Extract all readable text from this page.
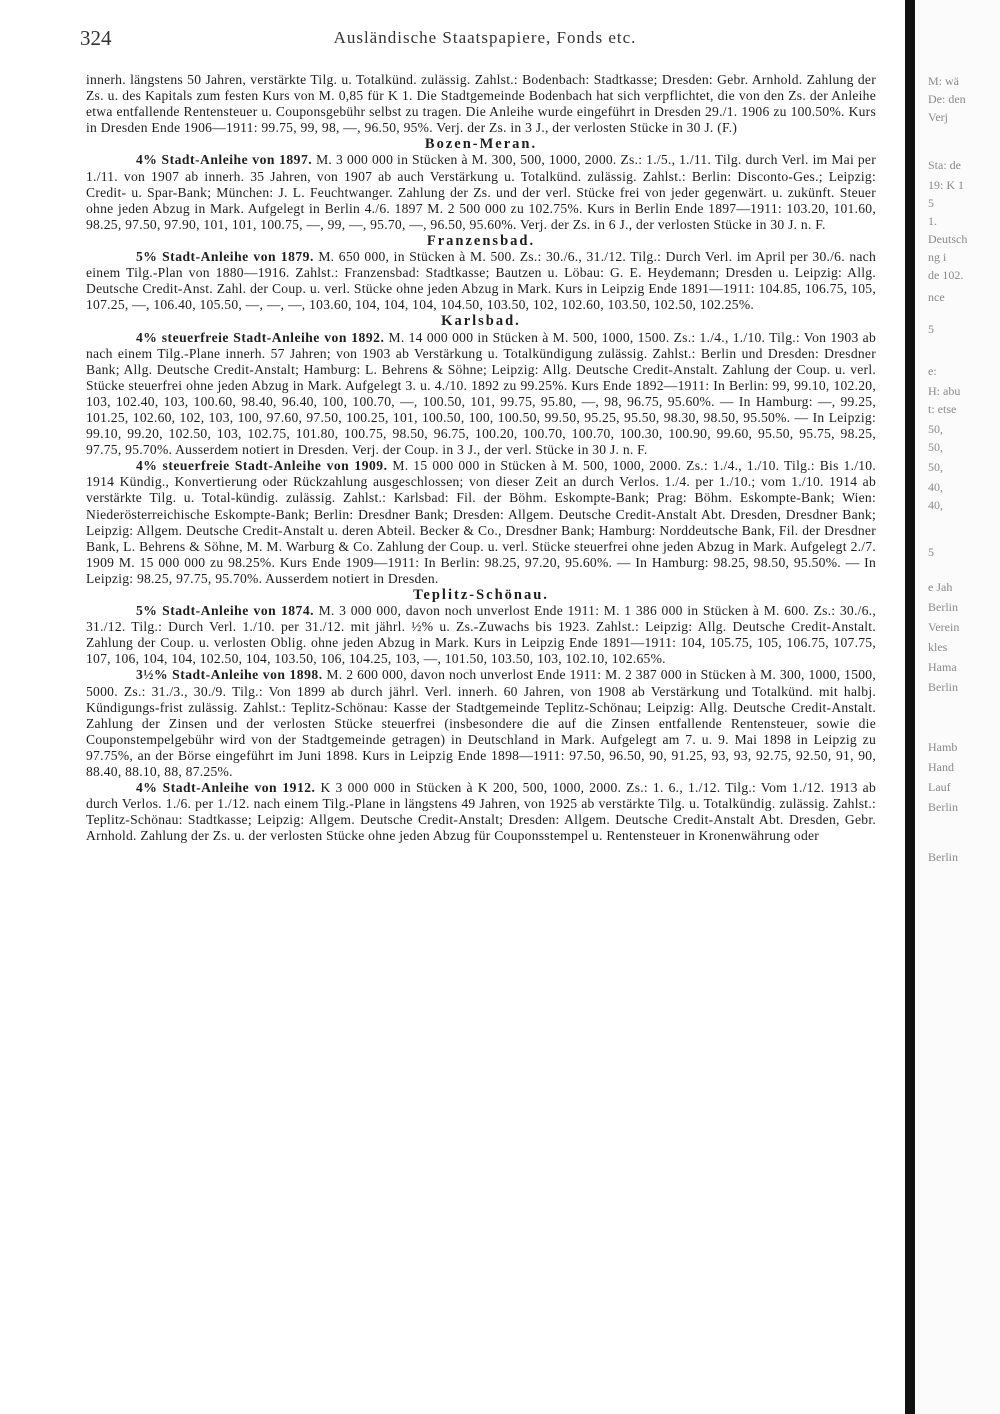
324	Ausländische Staatspapiere, Fonds etc.

innerh. längstens 50 Jahren, verstärkte Tilg. u. Totalkünd. zulässig. Zahlst.: Bodenbach: Stadtkasse; Dresden: Gebr. Arnhold. Zahlung der Zs. u. des Kapitals zum festen Kurs von M. 0,85 für K 1. Die Stadtgemeinde Bodenbach hat sich verpflichtet, die von den Zs. der Anleihe etwa entfallende Rentensteuer u. Couponsgebühr selbst zu tragen. Die Anleihe wurde eingeführt in Dresden 29./1. 1906 zu 100.50%. Kurs in Dresden Ende 1906—1911: 99.75, 99, 98, —, 96.50, 95%. Verj. der Zs. in 3 J., der verlosten Stücke in 30 J. (F.)

Bozen-Meran.

4% Stadt-Anleihe von 1897. M. 3 000 000 in Stücken à M. 300, 500, 1000, 2000. Zs.: 1./5., 1./11. Tilg. durch Verl. im Mai per 1./11. von 1907 ab innerh. 35 Jahren, von 1907 ab auch Verstärkung u. Totalkünd. zulässig. Zahlst.: Berlin: Disconto-Ges.; Leipzig: Credit- u. Spar-Bank; München: J. L. Feuchtwanger. Zahlung der Zs. und der verl. Stücke frei von jeder gegenwärt. u. zukünft. Steuer ohne jeden Abzug in Mark. Aufgelegt in Berlin 4./6. 1897 M. 2 500 000 zu 102.75%. Kurs in Berlin Ende 1897—1911: 103.20, 101.60, 98.25, 97.50, 97.90, 101, 101, 100.75, —, 99, —, 95.70, —, 96.50, 95.60%. Verj. der Zs. in 6 J., der verlosten Stücke in 30 J. n. F.

Franzensbad.

5% Stadt-Anleihe von 1879. M. 650 000, in Stücken à M. 500. Zs.: 30./6., 31./12. Tilg.: Durch Verl. im April per 30./6. nach einem Tilg.-Plan von 1880—1916. Zahlst.: Franzensbad: Stadtkasse; Bautzen u. Löbau: G. E. Heydemann; Dresden u. Leipzig: Allg. Deutsche Credit-Anst. Zahl. der Coup. u. verl. Stücke ohne jeden Abzug in Mark. Kurs in Leipzig Ende 1891—1911: 104.85, 106.75, 105, 107.25, —, 106.40, 105.50, —, —, —, 103.60, 104, 104, 104, 104.50, 103.50, 102, 102.60, 103.50, 102.50, 102.25%.

Karlsbad.

4% steuerfreie Stadt-Anleihe von 1892. M. 14 000 000 in Stücken à M. 500, 1000, 1500. Zs.: 1./4., 1./10. Tilg.: Von 1903 ab nach einem Tilg.-Plane innerh. 57 Jahren; von 1903 ab Verstärkung u. Totalkündigung zulässig. Zahlst.: Berlin und Dresden: Dresdner Bank; Allg. Deutsche Credit-Anstalt; Hamburg: L. Behrens & Söhne; Leipzig: Allg. Deutsche Credit-Anstalt. Zahlung der Coup. u. verl. Stücke steuerfrei ohne jeden Abzug in Mark. Aufgelegt 3. u. 4./10. 1892 zu 99.25%. Kurs Ende 1892—1911: In Berlin: 99, 99.10, 102.20, 103, 102.40, 103, 100.60, 98.40, 96.40, 100, 100.70, —, 100.50, 101, 99.75, 95.80, —, 98, 96.75, 95.60%. — In Hamburg: —, 99.25, 101.25, 102.60, 102, 103, 100, 97.60, 97.50, 100.25, 101, 100.50, 100, 100.50, 99.50, 95.25, 95.50, 98.30, 98.50, 95.50%. — In Leipzig: 99.10, 99.20, 102.50, 103, 102.75, 101.80, 100.75, 98.50, 96.75, 100.20, 100.70, 100.70, 100.30, 100.90, 99.60, 95.50, 95.75, 98.25, 97.75, 95.70%. Ausserdem notiert in Dresden. Verj. der Coup. in 3 J., der verl. Stücke in 30 J. n. F.

4% steuerfreie Stadt-Anleihe von 1909. M. 15 000 000 in Stücken à M. 500, 1000, 2000. Zs.: 1./4., 1./10. Tilg.: Bis 1./10. 1914 Kündig., Konvertierung oder Rückzahlung ausgeschlossen; von dieser Zeit an durch Verlos. 1./4. per 1./10.; vom 1./10. 1914 ab verstärkte Tilg. u. Total-kündig. zulässig. Zahlst.: Karlsbad: Fil. der Böhm. Eskompte-Bank; Prag: Böhm. Eskompte-Bank; Wien: Niederösterreichische Eskompte-Bank; Berlin: Dresdner Bank; Dresden: Allgem. Deutsche Credit-Anstalt Abt. Dresden, Dresdner Bank; Leipzig: Allgem. Deutsche Credit-Anstalt u. deren Abteil. Becker & Co., Dresdner Bank; Hamburg: Norddeutsche Bank, Fil. der Dresdner Bank, L. Behrens & Söhne, M. M. Warburg & Co. Zahlung der Coup. u. verl. Stücke steuerfrei ohne jeden Abzug in Mark. Aufgelegt 2./7. 1909 M. 15 000 000 zu 98.25%. Kurs Ende 1909—1911: In Berlin: 98.25, 97.20, 95.60%. — In Hamburg: 98.25, 98.50, 95.50%. — In Leipzig: 98.25, 97.75, 95.70%. Ausserdem notiert in Dresden.

Teplitz-Schönau.

5% Stadt-Anleihe von 1874. M. 3 000 000, davon noch unverlost Ende 1911: M. 1 386 000 in Stücken à M. 600. Zs.: 30./6., 31./12. Tilg.: Durch Verl. 1./10. per 31./12. mit jährl. ½% u. Zs.-Zuwachs bis 1923. Zahlst.: Leipzig: Allg. Deutsche Credit-Anstalt. Zahlung der Coup. u. verlosten Oblig. ohne jeden Abzug in Mark. Kurs in Leipzig Ende 1891—1911: 104, 105.75, 105, 106.75, 107.75, 107, 106, 104, 104, 102.50, 104, 103.50, 106, 104.25, 103, —, 101.50, 103.50, 103, 102.10, 102.65%.

3½% Stadt-Anleihe von 1898. M. 2 600 000, davon noch unverlost Ende 1911: M. 2 387 000 in Stücken à M. 300, 1000, 1500, 5000. Zs.: 31./3., 30./9. Tilg.: Von 1899 ab durch jährl. Verl. innerh. 60 Jahren, von 1908 ab Verstärkung und Totalkünd. mit halbj. Kündigungs-frist zulässig. Zahlst.: Teplitz-Schönau: Kasse der Stadtgemeinde Teplitz-Schönau; Leipzig: Allg. Deutsche Credit-Anstalt. Zahlung der Zinsen und der verlosten Stücke steuerfrei (insbesondere die auf die Zinsen entfallende Rentensteuer, sowie die Couponstempelgebühr wird von der Stadtgemeinde getragen) in Deutschland in Mark. Aufgelegt am 7. u. 9. Mai 1898 in Leipzig zu 97.75%, an der Börse eingeführt im Juni 1898. Kurs in Leipzig Ende 1898—1911: 97.50, 96.50, 90, 91.25, 93, 93, 92.75, 92.50, 91, 90, 88.40, 88.10, 88, 87.25%.

4% Stadt-Anleihe von 1912. K 3 000 000 in Stücken à K 200, 500, 1000, 2000. Zs.: 1. 6., 1./12. Tilg.: Vom 1./12. 1913 ab durch Verlos. 1./6. per 1./12. nach einem Tilg.-Plane in längstens 49 Jahren, von 1925 ab verstärkte Tilg. u. Totalkündig. zulässig. Zahlst.: Teplitz-Schönau: Stadtkasse; Leipzig: Allgem. Deutsche Credit-Anstalt; Dresden: Allgem. Deutsche Credit-Anstalt Abt. Dresden, Gebr. Arnhold. Zahlung der Zs. u. der verlosten Stücke ohne jeden Abzug für Couponsstempel u. Rentensteuer in Kronenwährung oder

M: wä
De: den
Verj
Sta: de
19: K 1
5
1.
Deutsch
ng i
de 102.
nce
5
e:
H: abu
t: etse
50,
50,
50,
40,
40,
5
e Jah
Berlin
Verein
kles
Hama
Berlin
Hamb
Hand
Lauf
Berlin
Berlin
